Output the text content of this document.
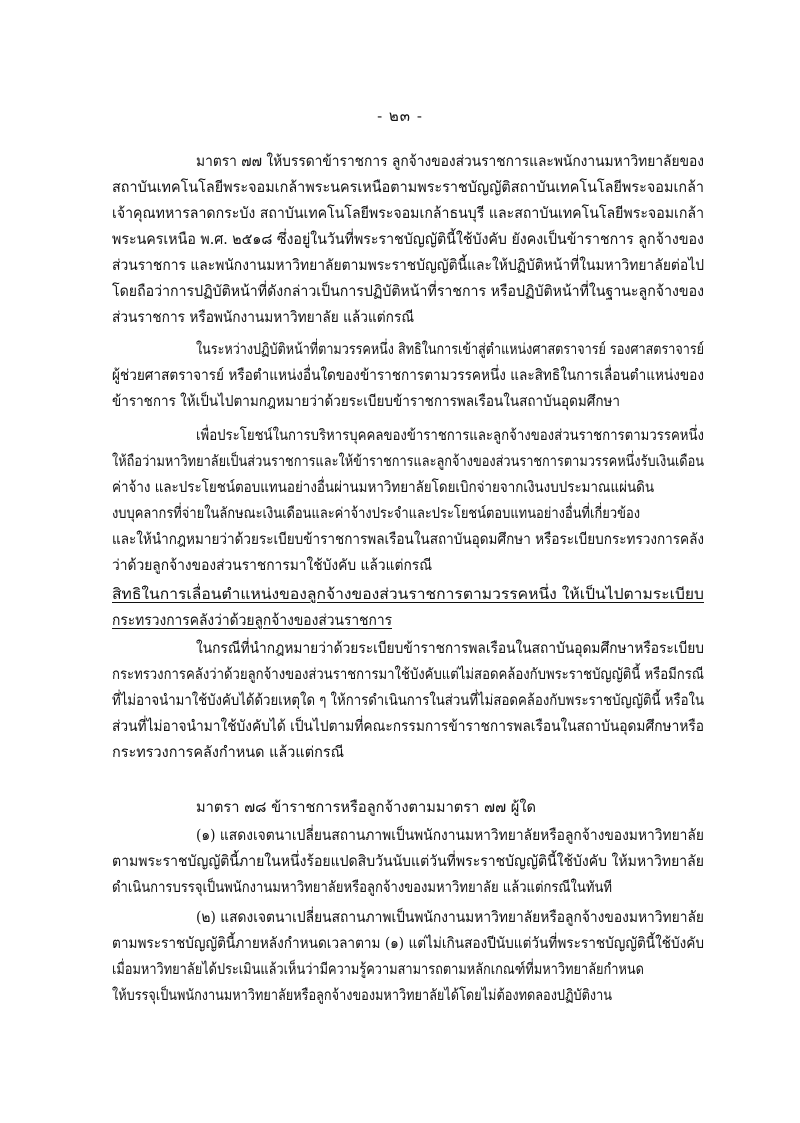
- ๒๓ -
มาตรา ๗๗ ให้บรรดาข้าราชการ ลูกจ้างของส่วนราชการและพนักงานมหาวิทยาลัยของ
สถาบันเทคโนโลยีพระจอมเกล้าพระนครเหนือตามพระราชบัญญัติสถาบันเทคโนโลยีพระจอมเกล้า
เจ้าคุณทหารลาดกระบัง สถาบันเทคโนโลยีพระจอมเกล้าธนบุรี และสถาบันเทคโนโลยีพระจอมเกล้า
พระนครเหนือ พ.ศ. ๒๕๑๘ ซึ่งอยู่ในวันที่พระราชบัญญัตินี้ใช้บังคับ ยังคงเป็นข้าราชการ ลูกจ้างของ
ส่วนราชการ และพนักงานมหาวิทยาลัยตามพระราชบัญญัตินี้และให้ปฏิบัติหน้าที่ในมหาวิทยาลัยต่อไป
โดยถือว่าการปฏิบัติหน้าที่ดังกล่าวเป็นการปฏิบัติหน้าที่ราชการ หรือปฏิบัติหน้าที่ในฐานะลูกจ้างของ
ส่วนราชการ หรือพนักงานมหาวิทยาลัย แล้วแต่กรณี
ในระหว่างปฏิบัติหน้าที่ตามวรรคหนึ่ง สิทธิในการเข้าสู่ตำแหน่งศาสตราจารย์ รองศาสตราจารย์
ผู้ช่วยศาสตราจารย์ หรือตำแหน่งอื่นใดของข้าราชการตามวรรคหนึ่ง และสิทธิในการเลื่อนตำแหน่งของ
ข้าราชการ ให้เป็นไปตามกฎหมายว่าด้วยระเบียบข้าราชการพลเรือนในสถาบันอุดมศึกษา
เพื่อประโยชน์ในการบริหารบุคคลของข้าราชการและลูกจ้างของส่วนราชการตามวรรคหนึ่ง
ให้ถือว่ามหาวิทยาลัยเป็นส่วนราชการและให้ข้าราชการและลูกจ้างของส่วนราชการตามวรรคหนึ่งรับเงินเดือน
ค่าจ้าง และประโยชน์ตอบแทนอย่างอื่นผ่านมหาวิทยาลัยโดยเบิกจ่ายจากเงินงบประมาณแผ่นดิน
งบบุคลากรที่จ่ายในลักษณะเงินเดือนและค่าจ้างประจำและประโยชน์ตอบแทนอย่างอื่นที่เกี่ยวข้อง
และให้นำกฎหมายว่าด้วยระเบียบข้าราชการพลเรือนในสถาบันอุดมศึกษา หรือระเบียบกระทรวงการคลัง
ว่าด้วยลูกจ้างของส่วนราชการมาใช้บังคับ แล้วแต่กรณี
สิทธิในการเลื่อนตำแหน่งของลูกจ้างของส่วนราชการตามวรรคหนึ่ง ให้เป็นไปตามระเบียบ
กระทรวงการคลังว่าด้วยลูกจ้างของส่วนราชการ
ในกรณีที่นำกฎหมายว่าด้วยระเบียบข้าราชการพลเรือนในสถาบันอุดมศึกษาหรือระเบียบ
กระทรวงการคลังว่าด้วยลูกจ้างของส่วนราชการมาใช้บังคับแต่ไม่สอดคล้องกับพระราชบัญญัตินี้ หรือมีกรณี
ที่ไม่อาจนำมาใช้บังคับได้ด้วยเหตุใด ๆ ให้การดำเนินการในส่วนที่ไม่สอดคล้องกับพระราชบัญญัตินี้ หรือใน
ส่วนที่ไม่อาจนำมาใช้บังคับได้ เป็นไปตามที่คณะกรรมการข้าราชการพลเรือนในสถาบันอุดมศึกษาหรือ
กระทรวงการคลังกำหนด แล้วแต่กรณี
มาตรา ๗๘ ข้าราชการหรือลูกจ้างตามมาตรา ๗๗ ผู้ใด
(๑) แสดงเจตนาเปลี่ยนสถานภาพเป็นพนักงานมหาวิทยาลัยหรือลูกจ้างของมหาวิทยาลัย
ตามพระราชบัญญัตินี้ภายในหนึ่งร้อยแปดสิบวันนับแต่วันที่พระราชบัญญัตินี้ใช้บังคับ ให้มหาวิทยาลัย
ดำเนินการบรรจุเป็นพนักงานมหาวิทยาลัยหรือลูกจ้างของมหาวิทยาลัย แล้วแต่กรณีในทันที
(๒) แสดงเจตนาเปลี่ยนสถานภาพเป็นพนักงานมหาวิทยาลัยหรือลูกจ้างของมหาวิทยาลัย
ตามพระราชบัญญัตินี้ภายหลังกำหนดเวลาตาม (๑) แต่ไม่เกินสองปีนับแต่วันที่พระราชบัญญัตินี้ใช้บังคับ
เมื่อมหาวิทยาลัยได้ประเมินแล้วเห็นว่ามีความรู้ความสามารถตามหลักเกณฑ์ที่มหาวิทยาลัยกำหนด
ให้บรรจุเป็นพนักงานมหาวิทยาลัยหรือลูกจ้างของมหาวิทยาลัยได้โดยไม่ต้องทดลองปฏิบัติงาน
